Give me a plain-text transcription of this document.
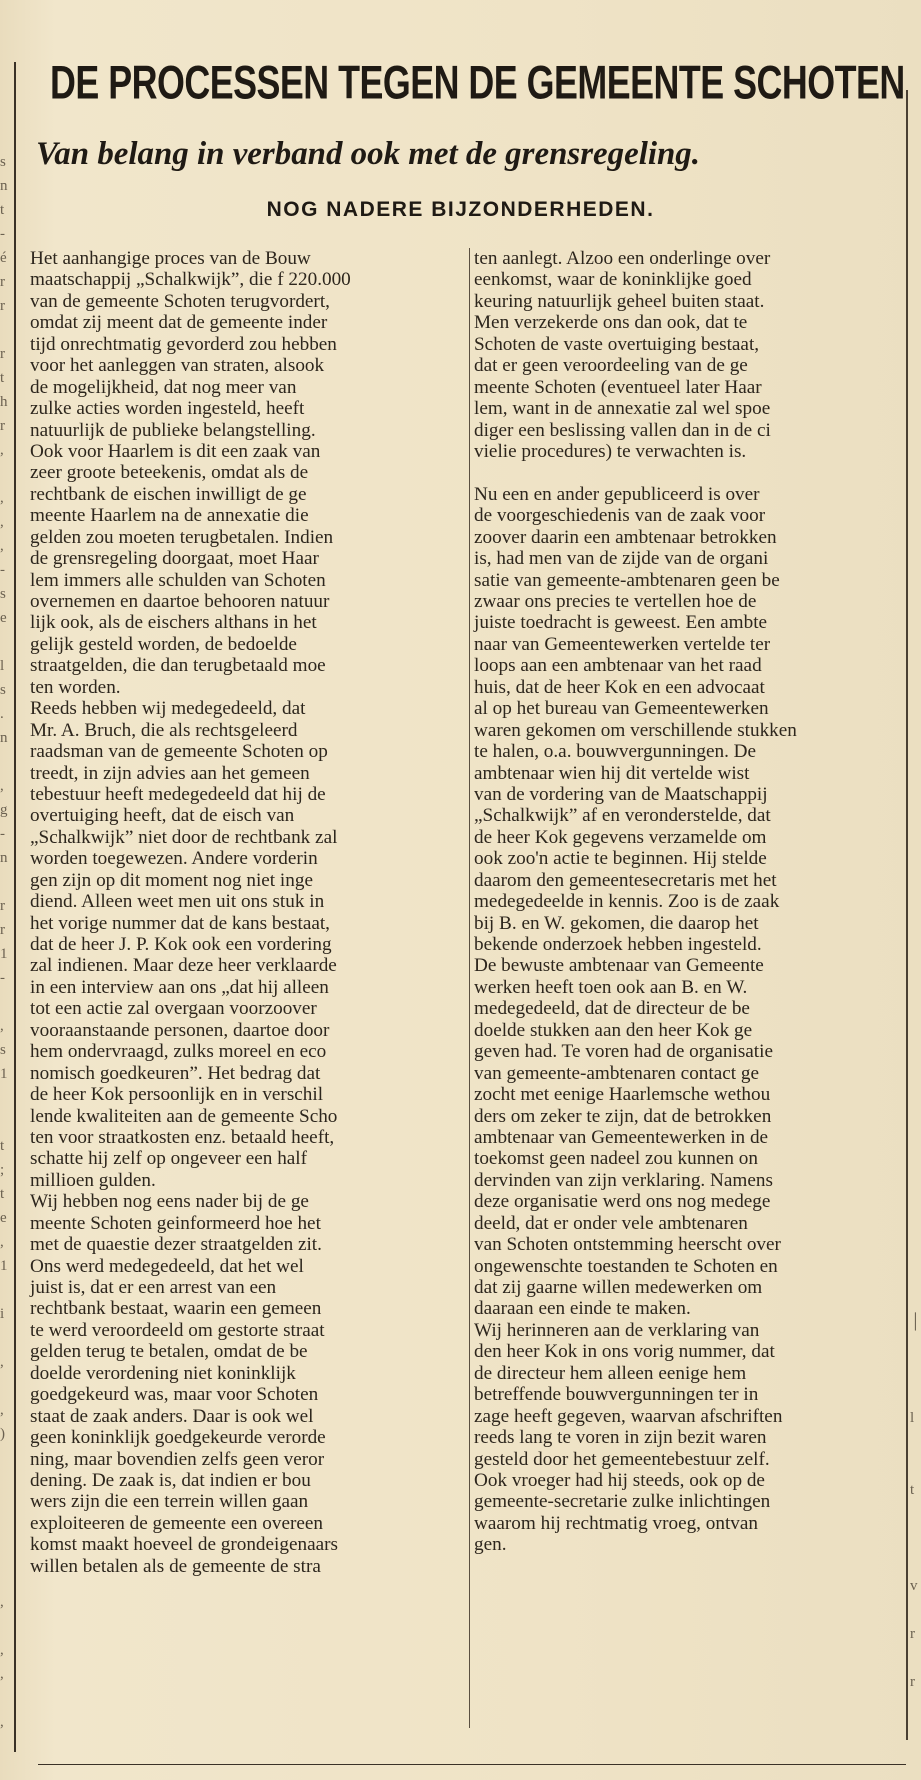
s
n
t
-
é
r
r

r
t
h
r
,

,
,
,
-
s
e

l
s
.
n

,
g
-
n

r
r
1
-

,
s
1

t
;
t
e
,
1

i

,

,
)

,

,
,

,
│

l

t

v

r

r

DE PROCESSEN TEGEN DE GEMEENTE SCHOTEN
Van belang in verband ook met de grensregeling.
NOG NADERE BIJZONDERHEDEN.
Het aanhangige proces van de Bouw
maatschappij „Schalkwijk”, die f 220.000
van de gemeente Schoten terugvordert,
omdat zij meent dat de gemeente inder
tijd onrechtmatig gevorderd zou hebben
voor het aanleggen van straten, alsook
de mogelijkheid, dat nog meer van
zulke acties worden ingesteld, heeft
natuurlijk de publieke belangstelling.
Ook voor Haarlem is dit een zaak van
zeer groote beteekenis, omdat als de
rechtbank de eischen inwilligt de ge
meente Haarlem na de annexatie die
gelden zou moeten terugbetalen. Indien
de grensregeling doorgaat, moet Haar
lem immers alle schulden van Schoten
overnemen en daartoe behooren natuur
lijk ook, als de eischers althans in het
gelijk gesteld worden, de bedoelde
straatgelden, die dan terugbetaald moe
ten worden.
Reeds hebben wij medegedeeld, dat
Mr. A. Bruch, die als rechtsgeleerd
raadsman van de gemeente Schoten op
treedt, in zijn advies aan het gemeen
tebestuur heeft medegedeeld dat hij de
overtuiging heeft, dat de eisch van
„Schalkwijk” niet door de rechtbank zal
worden toegewezen. Andere vorderin
gen zijn op dit moment nog niet inge
diend. Alleen weet men uit ons stuk in
het vorige nummer dat de kans bestaat,
dat de heer J. P. Kok ook een vordering
zal indienen. Maar deze heer verklaarde
in een interview aan ons „dat hij alleen
tot een actie zal overgaan voorzoover
vooraanstaande personen, daartoe door
hem ondervraagd, zulks moreel en eco
nomisch goedkeuren”. Het bedrag dat
de heer Kok persoonlijk en in verschil
lende kwaliteiten aan de gemeente Scho
ten voor straatkosten enz. betaald heeft,
schatte hij zelf op ongeveer een half
millioen gulden.
Wij hebben nog eens nader bij de ge
meente Schoten geinformeerd hoe het
met de quaestie dezer straatgelden zit.
Ons werd medegedeeld, dat het wel
juist is, dat er een arrest van een
rechtbank bestaat, waarin een gemeen
te werd veroordeeld om gestorte straat
gelden terug te betalen, omdat de be
doelde verordening niet koninklijk
goedgekeurd was, maar voor Schoten
staat de zaak anders. Daar is ook wel
geen koninklijk goedgekeurde verorde
ning, maar bovendien zelfs geen veror
dening. De zaak is, dat indien er bou
wers zijn die een terrein willen gaan
exploiteeren de gemeente een overeen
komst maakt hoeveel de grondeigenaars
willen betalen als de gemeente de stra
ten aanlegt. Alzoo een onderlinge over
eenkomst, waar de koninklijke goed
keuring natuurlijk geheel buiten staat.
Men verzekerde ons dan ook, dat te
Schoten de vaste overtuiging bestaat,
dat er geen veroordeeling van de ge
meente Schoten (eventueel later Haar
lem, want in de annexatie zal wel spoe
diger een beslissing vallen dan in de ci
vielie procedures) te verwachten is.
Nu een en ander gepubliceerd is over
de voorgeschiedenis van de zaak voor
zoover daarin een ambtenaar betrokken
is, had men van de zijde van de organi
satie van gemeente-ambtenaren geen be
zwaar ons precies te vertellen hoe de
juiste toedracht is geweest. Een ambte
naar van Gemeentewerken vertelde ter
loops aan een ambtenaar van het raad
huis, dat de heer Kok en een advocaat
al op het bureau van Gemeentewerken
waren gekomen om verschillende stukken
te halen, o.a. bouwvergunningen. De
ambtenaar wien hij dit vertelde wist
van de vordering van de Maatschappij
„Schalkwijk” af en veronderstelde, dat
de heer Kok gegevens verzamelde om
ook zoo'n actie te beginnen. Hij stelde
daarom den gemeentesecretaris met het
medegedeelde in kennis. Zoo is de zaak
bij B. en W. gekomen, die daarop het
bekende onderzoek hebben ingesteld.
De bewuste ambtenaar van Gemeente
werken heeft toen ook aan B. en W.
medegedeeld, dat de directeur de be
doelde stukken aan den heer Kok ge
geven had. Te voren had de organisatie
van gemeente-ambtenaren contact ge
zocht met eenige Haarlemsche wethou
ders om zeker te zijn, dat de betrokken
ambtenaar van Gemeentewerken in de
toekomst geen nadeel zou kunnen on
dervinden van zijn verklaring. Namens
deze organisatie werd ons nog medege
deeld, dat er onder vele ambtenaren
van Schoten ontstemming heerscht over
ongewenschte toestanden te Schoten en
dat zij gaarne willen medewerken om
daaraan een einde te maken.
Wij herinneren aan de verklaring van
den heer Kok in ons vorig nummer, dat
de directeur hem alleen eenige hem
betreffende bouwvergunningen ter in
zage heeft gegeven, waarvan afschriften
reeds lang te voren in zijn bezit waren
gesteld door het gemeentebestuur zelf.
Ook vroeger had hij steeds, ook op de
gemeente-secretarie zulke inlichtingen
waarom hij rechtmatig vroeg, ontvan
gen.
